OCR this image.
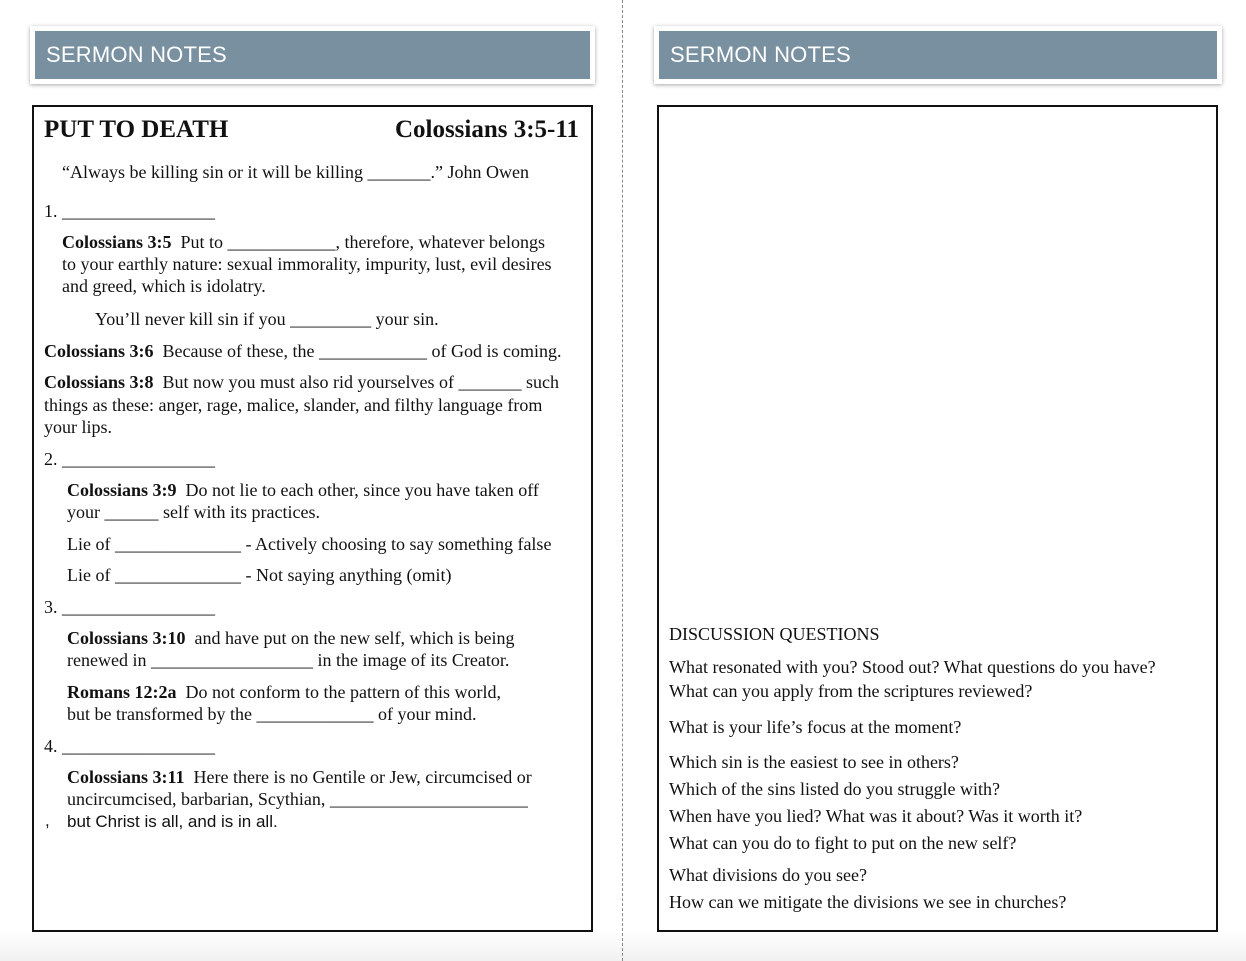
SERMON NOTES
PUT TO DEATH	Colossians 3:5-11
“Always be killing sin or it will be killing _______.” John Owen
1. _________________
Colossians 3:5 Put to ____________, therefore, whatever belongs
to your earthly nature: sexual immorality, impurity, lust, evil desires
and greed, which is idolatry.
You’ll never kill sin if you _________ your sin.
Colossians 3:6 Because of these, the ____________ of God is coming.
Colossians 3:8 But now you must also rid yourselves of _______ such
things as these: anger, rage, malice, slander, and filthy language from
your lips.
2. _________________
Colossians 3:9 Do not lie to each other, since you have taken off
your ______ self with its practices.
Lie of ______________ - Actively choosing to say something false
Lie of ______________ - Not saying anything (omit)
3. _________________
Colossians 3:10 and have put on the new self, which is being
renewed in __________________ in the image of its Creator.
Romans 12:2a Do not conform to the pattern of this world,
but be transformed by the _____________ of your mind.
4. _________________
Colossians 3:11 Here there is no Gentile or Jew, circumcised or
uncircumcised, barbarian, Scythian, ______________________
, but Christ is all, and is in all.
SERMON NOTES
DISCUSSION QUESTIONS
What resonated with you? Stood out? What questions do you have?
What can you apply from the scriptures reviewed?
What is your life’s focus at the moment?
Which sin is the easiest to see in others?
Which of the sins listed do you struggle with?
When have you lied? What was it about? Was it worth it?
What can you do to fight to put on the new self?
What divisions do you see?
How can we mitigate the divisions we see in churches?
